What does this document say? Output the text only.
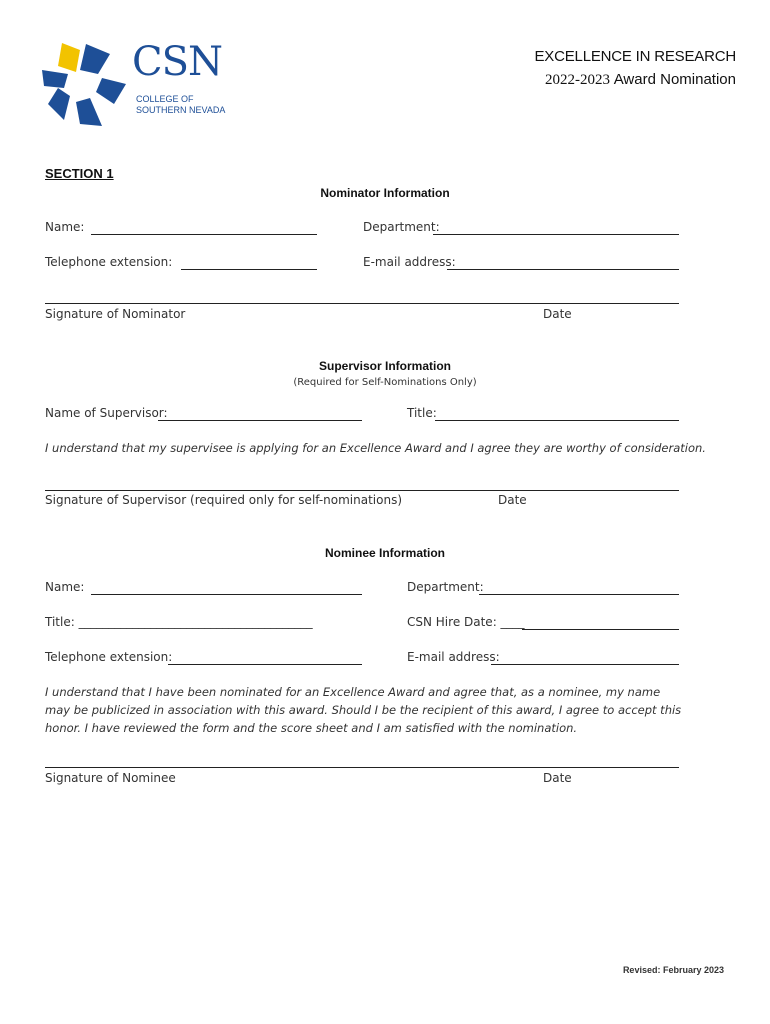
CSN
COLLEGE OF
SOUTHERN NEVADA
EXCELLENCE IN RESEARCH
2022-2023 Award Nomination
SECTION 1
Nominator Information
Name:	Department:
Telephone extension:	E-mail address:
Signature of Nominator	Date
Supervisor Information
(Required for Self-Nominations Only)
Name of Supervisor:	Title:
I understand that my supervisee is applying for an Excellence Award and I agree they are worthy of consideration.
Signature of Supervisor (required only for self-nominations)	Date
Nominee Information
Name:	Department:
Title: _______________________________________	CSN Hire Date: ____
Telephone extension:	E-mail address:
I understand that I have been nominated for an Excellence Award and agree that, as a nominee, my name may be publicized in association with this award. Should I be the recipient of this award, I agree to accept this honor. I have reviewed the form and the score sheet and I am satisfied with the nomination.
Signature of Nominee	Date
Revised: February 2023
